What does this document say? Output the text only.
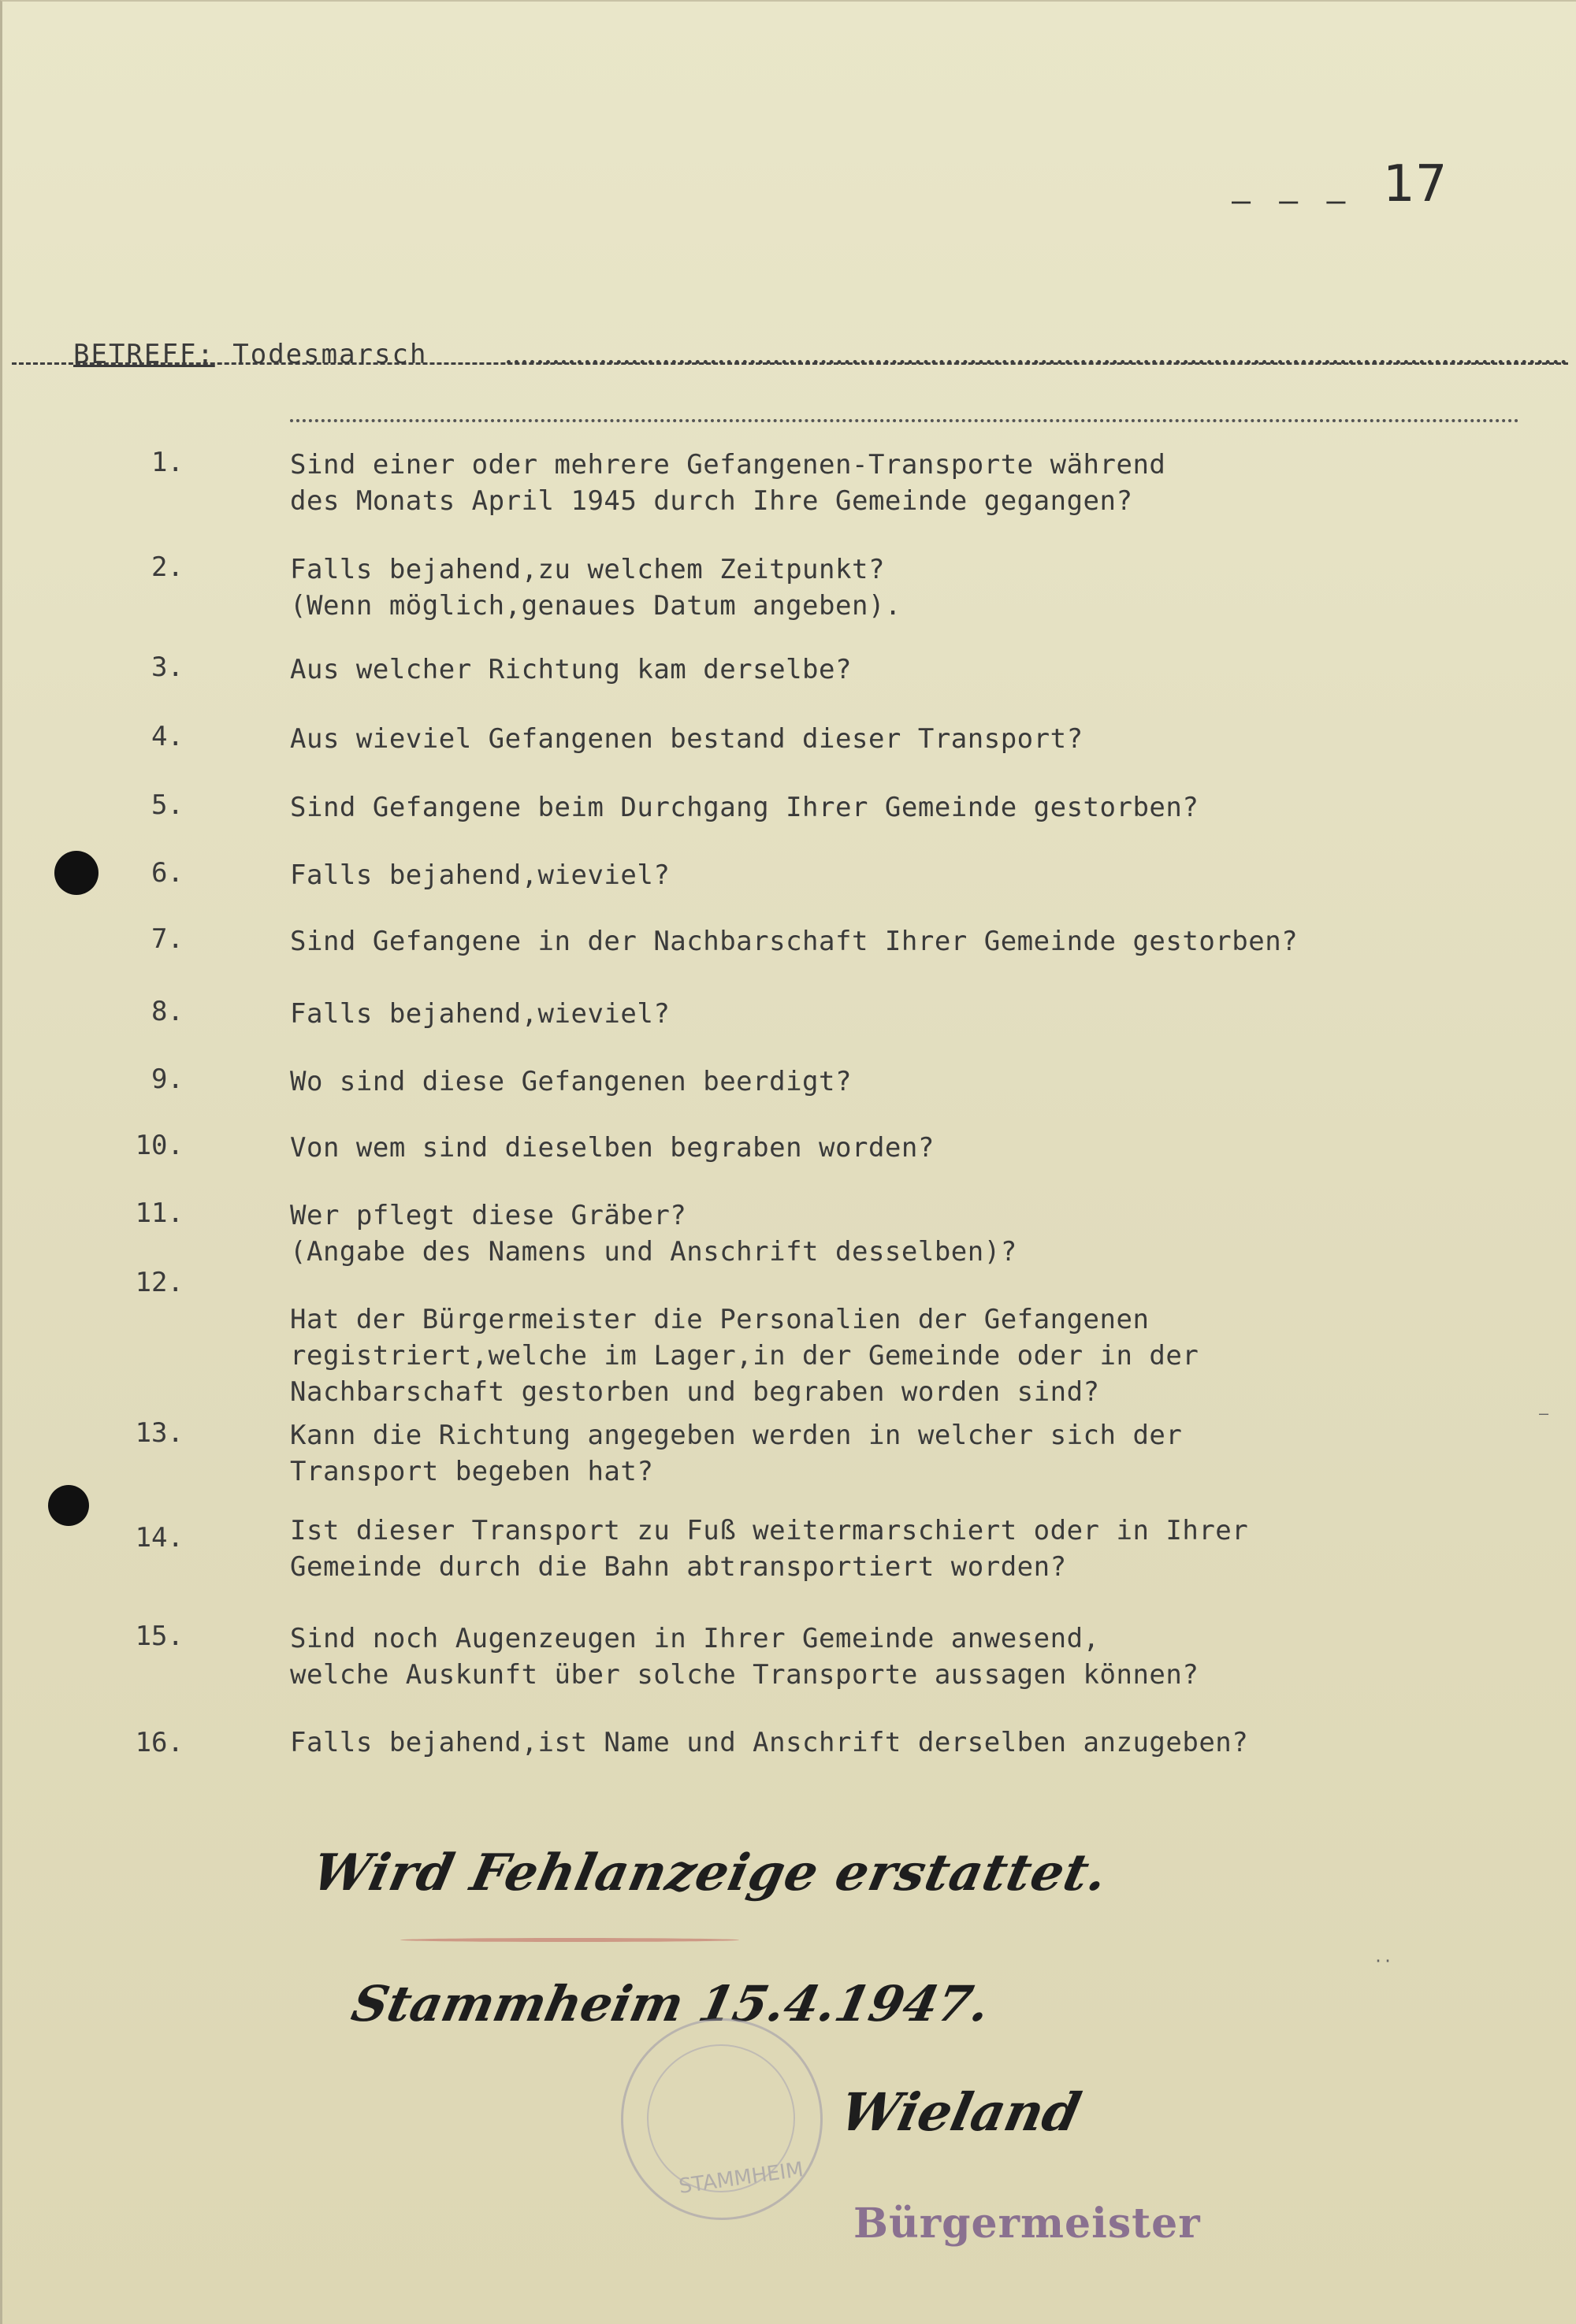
– — – 17
BETREFF: Todesmarsch
1.	Sind einer oder mehrere Gefangenen-Transporte während
des Monats April 1945 durch Ihre Gemeinde gegangen?
2.	Falls bejahend,zu welchem Zeitpunkt?
(Wenn möglich,genaues Datum angeben).
3.	Aus welcher Richtung kam derselbe?
4.	Aus wieviel Gefangenen bestand dieser Transport?
5.	Sind Gefangene beim Durchgang Ihrer Gemeinde gestorben?
6.	Falls bejahend,wieviel?
7.	Sind Gefangene in der Nachbarschaft Ihrer Gemeinde gestorben?
8.	Falls bejahend,wieviel?
9.	Wo sind diese Gefangenen beerdigt?
10.	Von wem sind dieselben begraben worden?
11.	Wer pflegt diese Gräber?
(Angabe des Namens und Anschrift desselben)?
12.
Hat der Bürgermeister die Personalien der Gefangenen
registriert,welche im Lager,in der Gemeinde oder in der
Nachbarschaft gestorben und begraben worden sind?
13.	Kann die Richtung angegeben werden in welcher sich der
Transport begeben hat?
14.	Ist dieser Transport zu Fuß weitermarschiert oder in Ihrer
Gemeinde durch die Bahn abtransportiert worden?
15.	Sind noch Augenzeugen in Ihrer Gemeinde anwesend,
welche Auskunft über solche Transporte aussagen können?
16.	Falls bejahend,ist Name und Anschrift derselben anzugeben?
Wird Fehlanzeige erstattet.
Stammheim 15.4.1947.
STAMMHEIM
Wieland
Bürgermeister
··
–
